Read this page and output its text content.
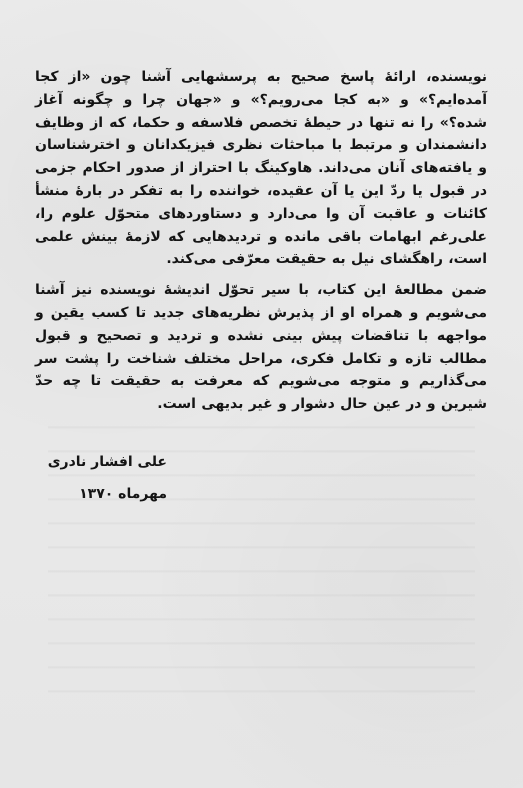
نویسنده، ارائهٔ پاسخ صحیح به پرسشهایی آشنا چون «از کجا آمده‌ایم؟» و «به کجا می‌رویم؟» و «جهان چرا و چگونه آغاز شده؟» را نه تنها در حیطهٔ تخصص فلاسفه و حکما، که از وظایف دانشمندان و مرتبط با مباحثات نظری فیزیکدانان و اخترشناسان و یافته‌های آنان می‌داند. هاوکینگ با احتراز از صدور احکام جزمی در قبول یا ردّ این یا آن عقیده، خواننده را به تفکر در بارهٔ منشأ کائنات و عاقبت آن وا می‌دارد و دستاوردهای متحوّل علوم را، علی‌رغم ابهامات باقی مانده و تردیدهایی که لازمهٔ بینش علمی است، راهگشای نیل به حقیقت معرّفی می‌کند.

ضمن مطالعهٔ این کتاب، با سیر تحوّل اندیشهٔ نویسنده نیز آشنا می‌شویم و همراه او از پذیرش نظریه‌های جدید تا کسب یقین و مواجهه با تناقضات پیش بینی نشده و تردید و تصحیح و قبول مطالب تازه و تکامل فکری، مراحل مختلف شناخت را پشت سر می‌گذاریم و متوجه می‌شویم که معرفت به حقیقت تا چه حدّ شیرین و در عین حال دشوار و غیر بدیهی است.

علی افشار نادری
مهرماه ۱۳۷۰
